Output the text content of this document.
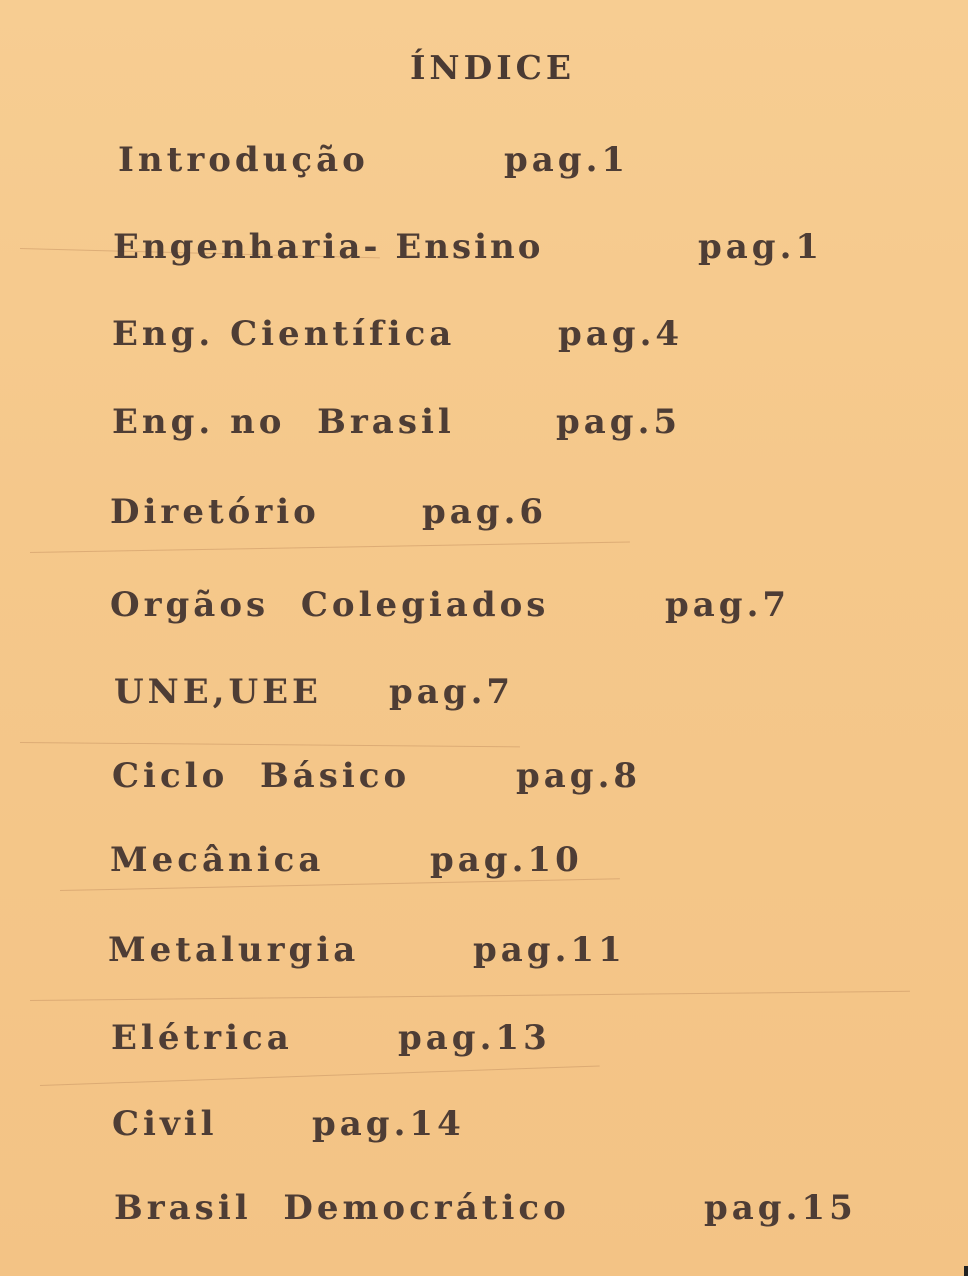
ÍNDICE
Introdução	pag.1
Engenharia- Ensino	pag.1
Eng. Científica	pag.4
Eng. no  Brasil	pag.5
Diretório	pag.6
Orgãos  Colegiados	pag.7
UNE,UEE pag.7
Ciclo  Básico	pag.8
Mecânica	pag.10
Metalurgia	pag.11
Elétrica	pag.13
Civil	pag.14
Brasil  Democrático	pag.15
